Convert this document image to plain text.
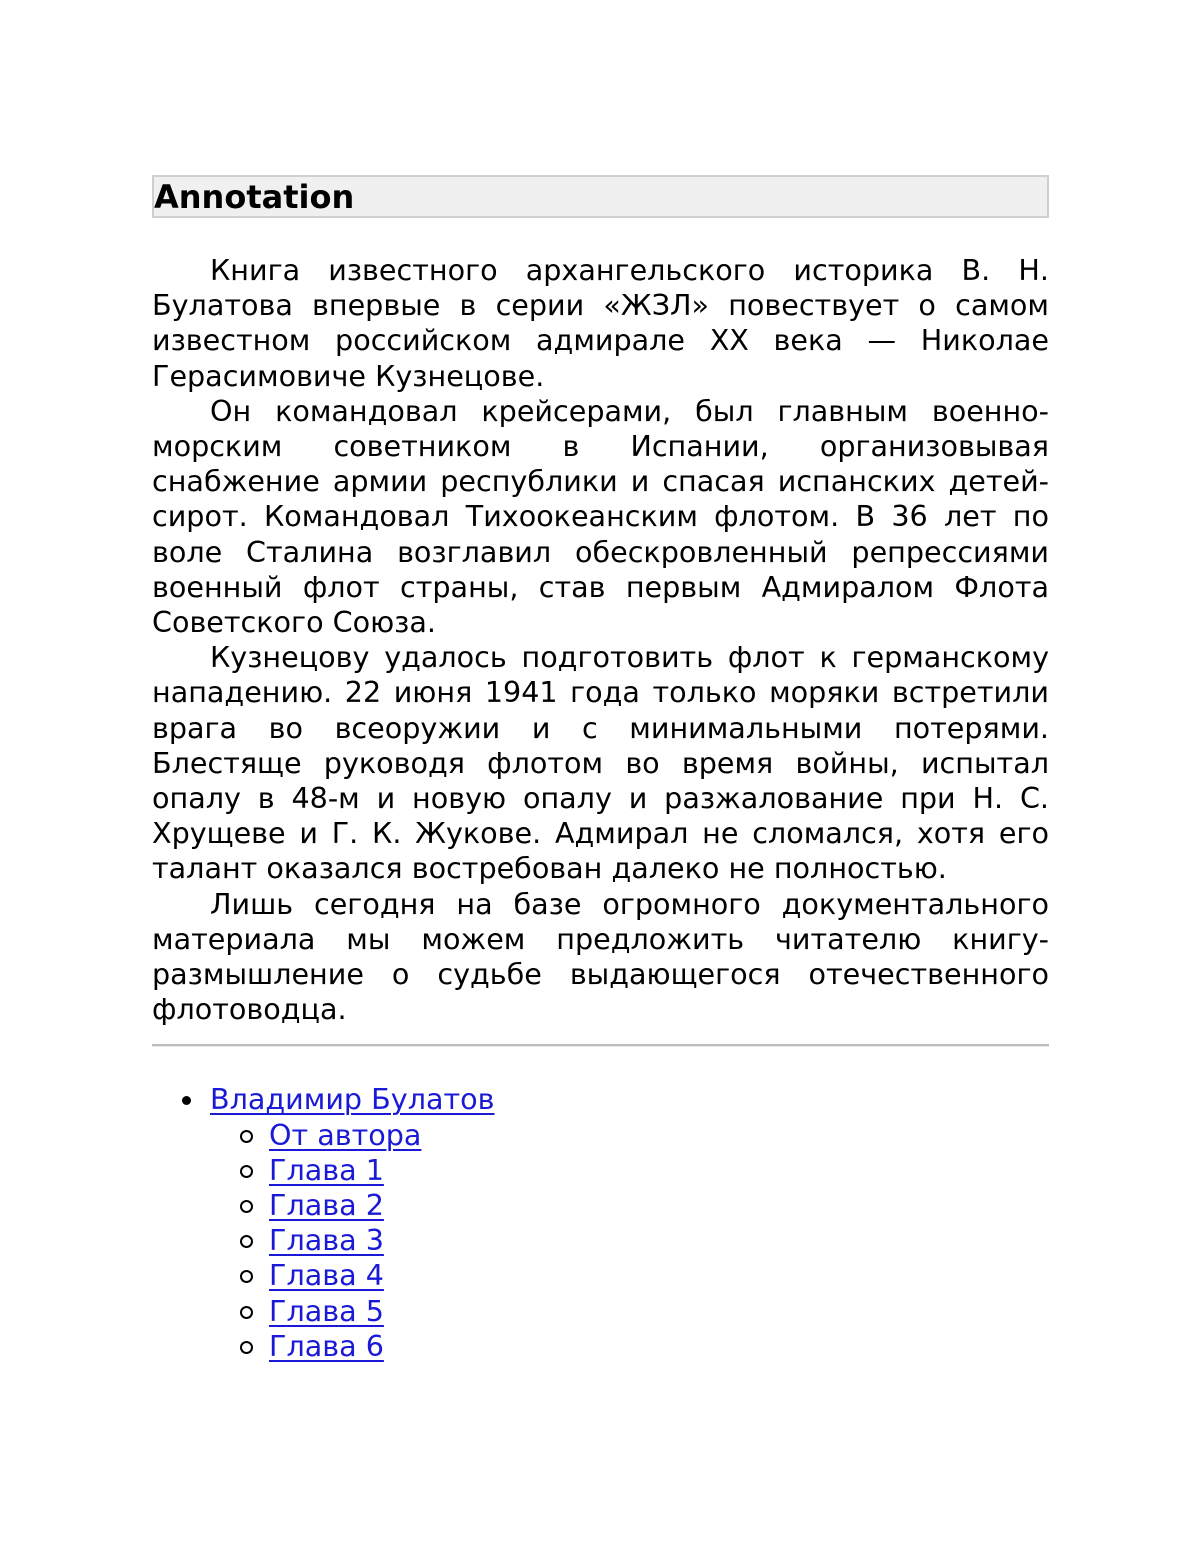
Annotation

Книга известного архангельского историка В. Н. Булатова впервые в серии «ЖЗЛ» повествует о самом известном российском адмирале XX века — Николае Герасимовиче Кузнецове.

Он командовал крейсерами, был главным военно-морским советником в Испании, организовывая снабжение армии республики и спасая испанских детей-сирот. Командовал Тихоокеанским флотом. В 36 лет по воле Сталина возглавил обескровленный репрессиями военный флот страны, став первым Адмиралом Флота Советского Союза.

Кузнецову удалось подготовить флот к германскому нападению. 22 июня 1941 года только моряки встретили врага во всеоружии и с минимальными потерями. Блестяще руководя флотом во время войны, испытал опалу в 48-м и новую опалу и разжалование при Н. С. Хрущеве и Г. К. Жукове. Адмирал не сломался, хотя его талант оказался востребован далеко не полностью.

Лишь сегодня на базе огромного документального материала мы можем предложить читателю книгу-размышление о судьбе выдающегося отечественного флотоводца.

Владимир Булатов
От автора
Глава 1
Глава 2
Глава 3
Глава 4
Глава 5
Глава 6
